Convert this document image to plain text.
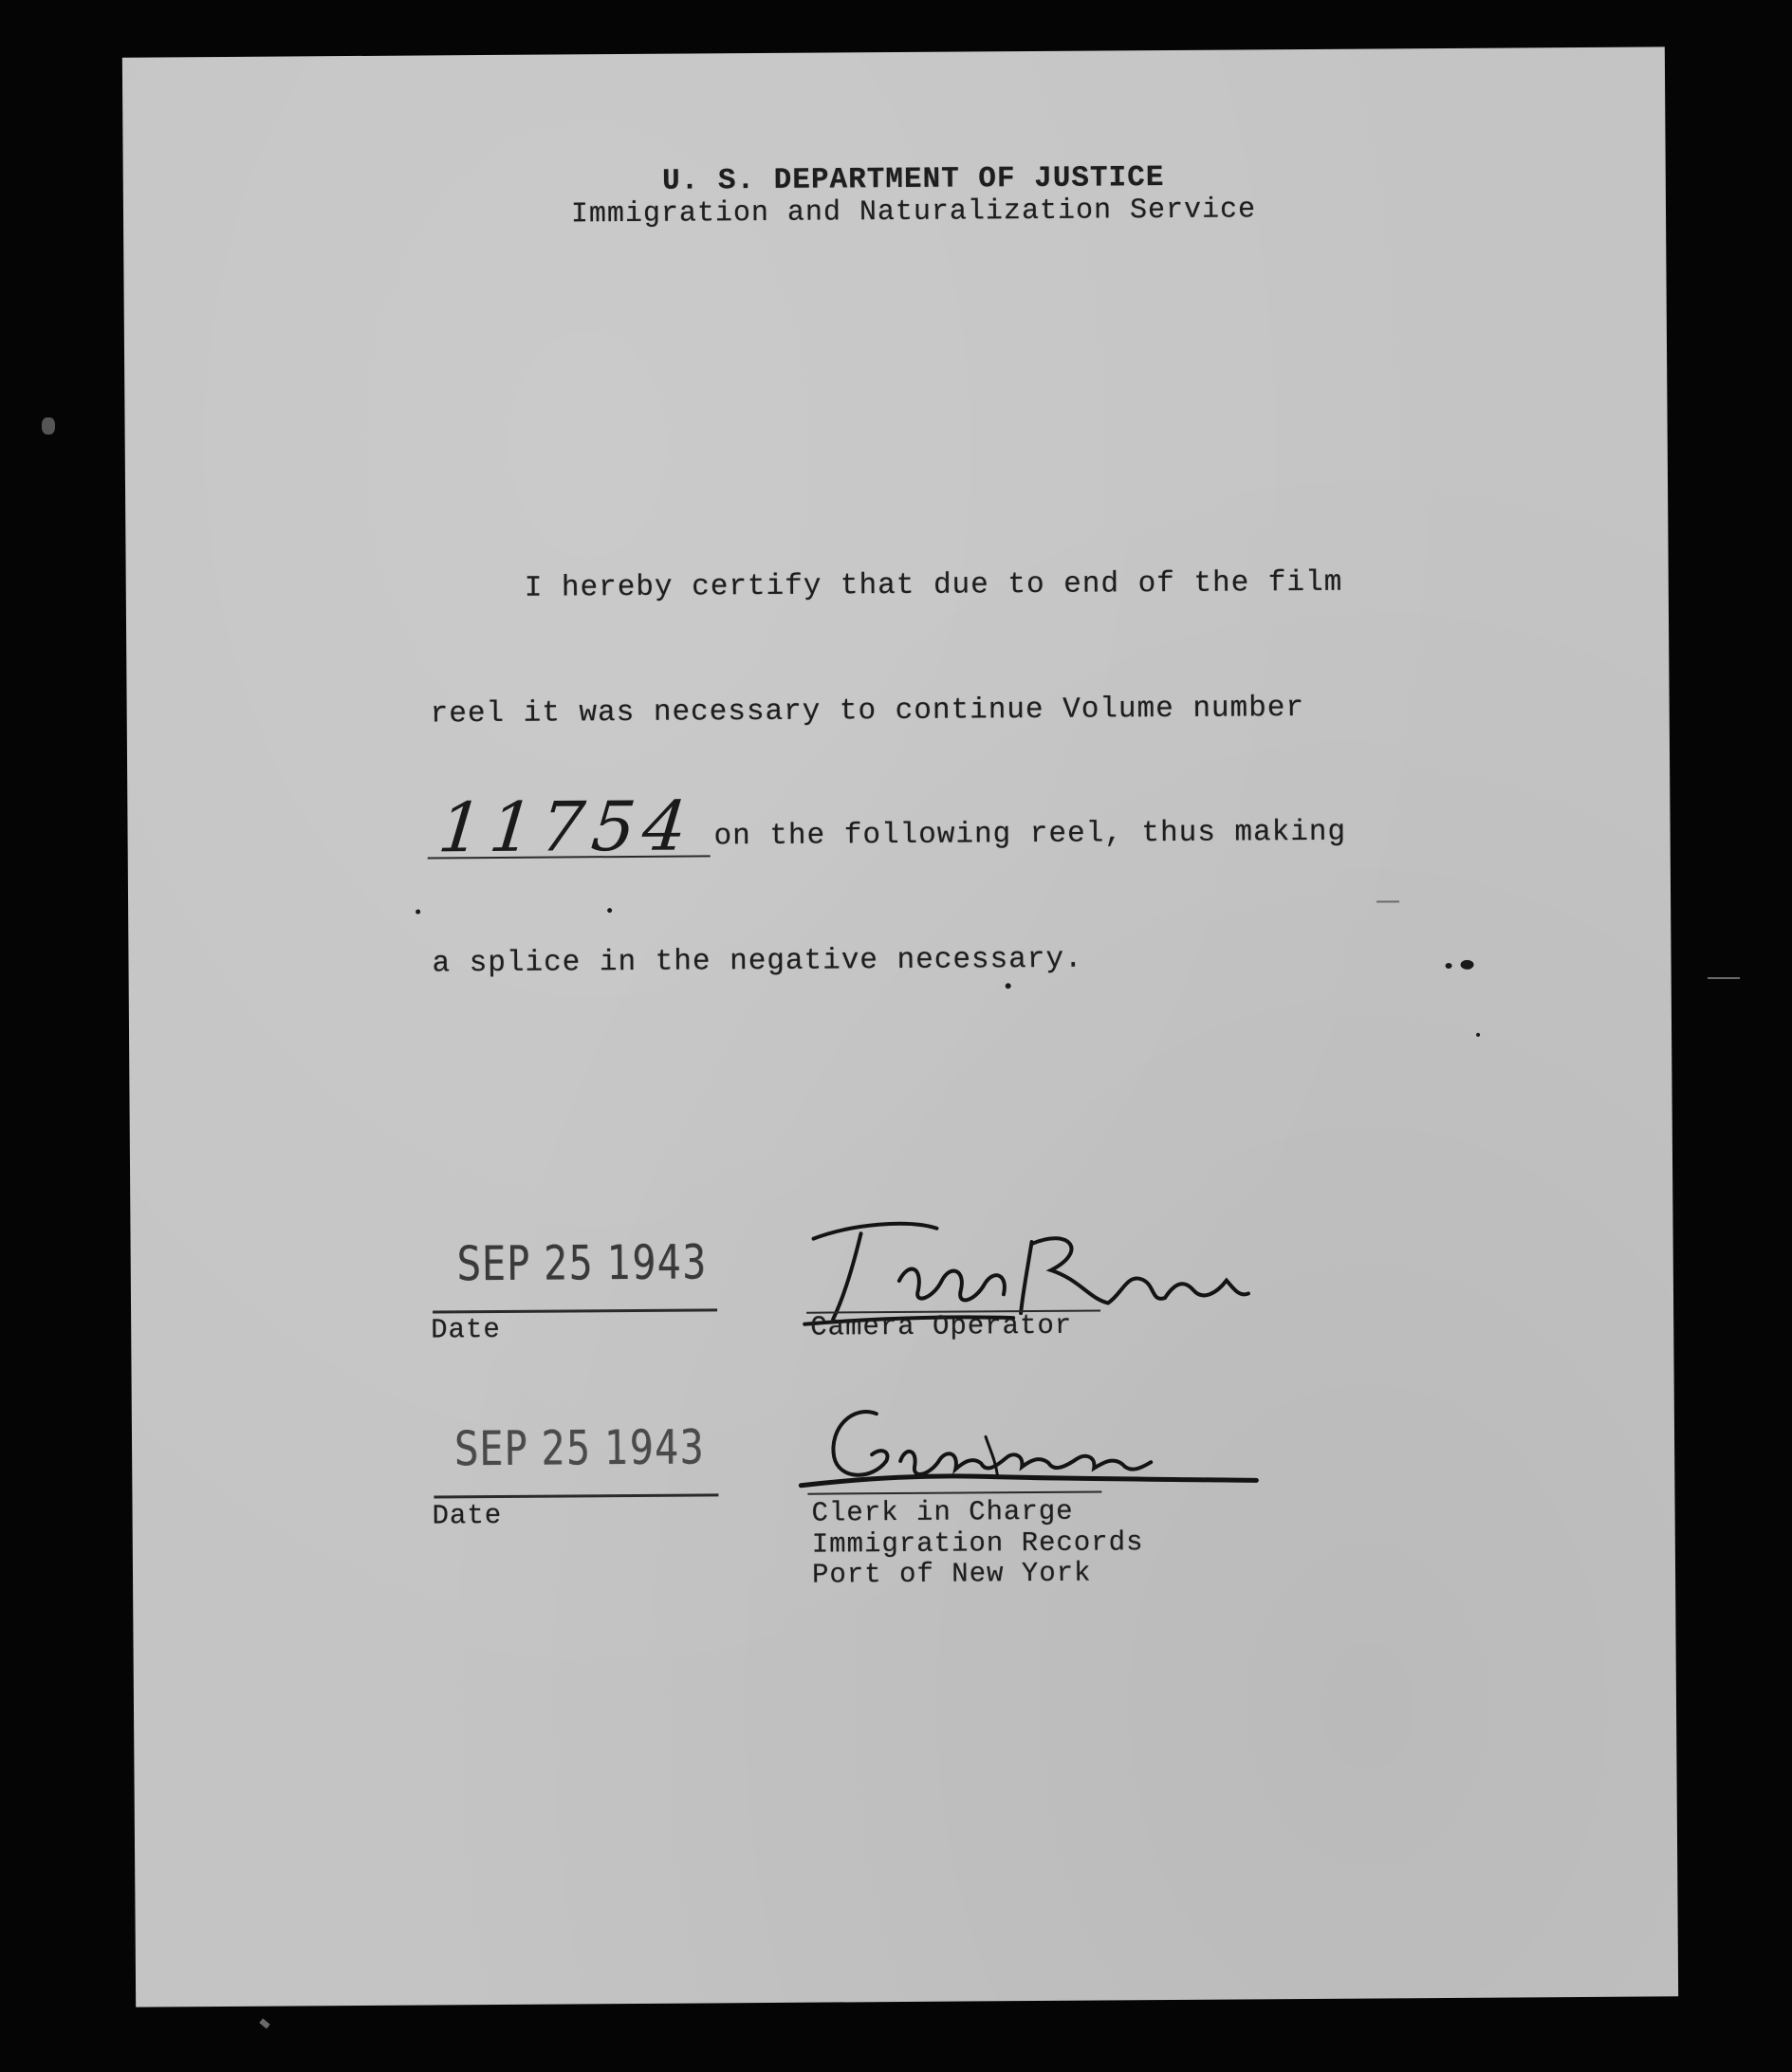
U. S. DEPARTMENT OF JUSTICE
Immigration and Naturalization Service
I hereby certify that due to end of the film
reel it was necessary to continue Volume number
11754 on the following reel, thus making
a splice in the negative necessary.
SEP 25 1943
Date	Camera Operator
SEP 25 1943
Date	Clerk in Charge
Immigration Records
Port of New York
